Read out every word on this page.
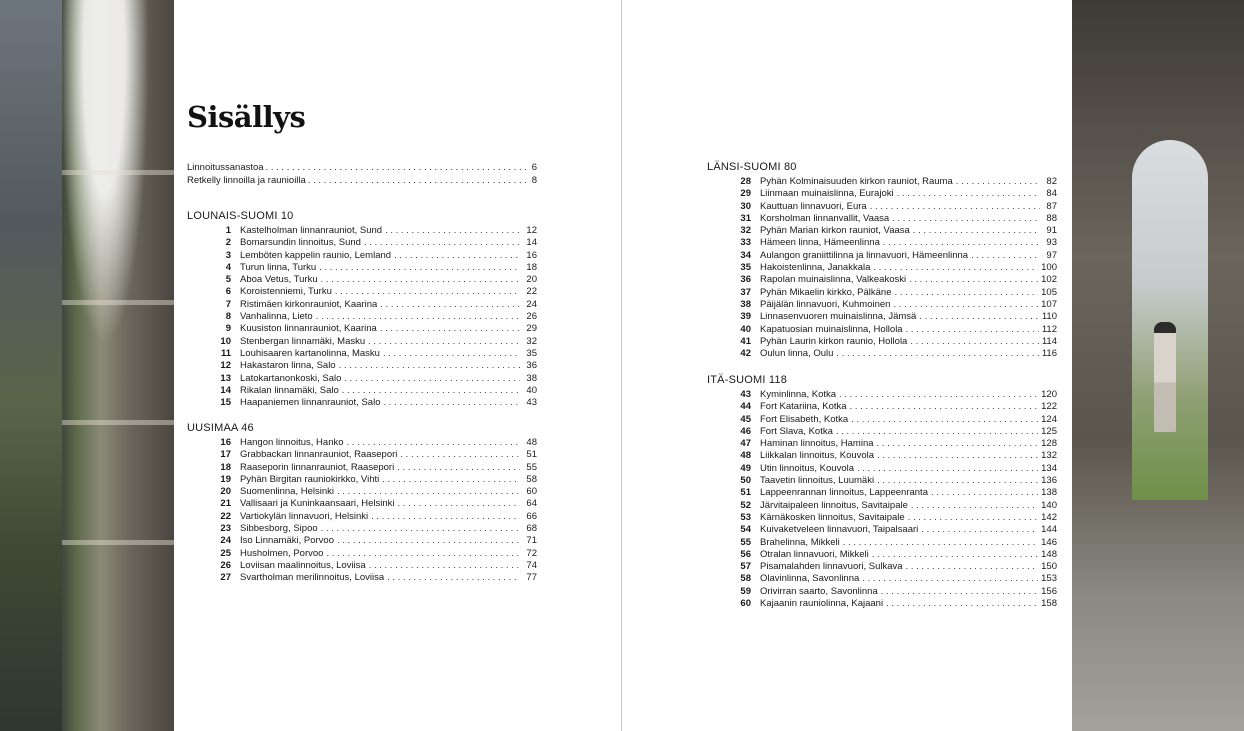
Sisällys
Linnoitussanastoa . . .	6
Retkelly linnoilla ja raunioilla . . .	8
LOUNAIS-SUOMI 10
1 Kastelholman linnanrauniot, Sund . . .	12
2 Bomarsundin linnoitus, Sund . . .	14
3 Lemböten kappelin raunio, Lemland . . .	16
4 Turun linna, Turku . . .	18
5 Aboa Vetus, Turku . . .	20
6 Koroistenniemi, Turku . . .	22
7 Ristimäen kirkonrauniot, Kaarina . . .	24
8 Vanhalinna, Lieto . . .	26
9 Kuusiston linnanrauniot, Kaarina . . .	29
10 Stenbergan linnamäki, Masku . . .	32
11 Louhisaaren kartanolinna, Masku . . .	35
12 Hakastaron linna, Salo . . .	36
13 Latokartanonkoski, Salo . . .	38
14 Rikalan linnamäki, Salo . . .	40
15 Haapaniemen linnanrauniot, Salo . . .	43
UUSIMAA 46
16 Hangon linnoitus, Hanko . . .	48
17 Grabbackan linnanrauniot, Raasepori . . .	51
18 Raaseporin linnanrauniot, Raasepori . . .	55
19 Pyhän Birgitan rauniokirkko, Vihti . . .	58
20 Suomenlinna, Helsinki . . .	60
21 Vallisaari ja Kuninkaansaari, Helsinki . . .	64
22 Vartiokylän linnavuori, Helsinki . . .	66
23 Sibbesborg, Sipoo . . .	68
24 Iso Linnamäki, Porvoo . . .	71
25 Husholmen, Porvoo . . .	72
26 Loviisan maalinnoitus, Loviisa . . .	74
27 Svartholman merilinnoitus, Loviisa . . .	77
LÄNSI-SUOMI 80
28 Pyhän Kolminaisuuden kirkon rauniot, Rauma . . .	82
29 Liinmaan muinaislinna, Eurajoki . . .	84
30 Kauttuan linnavuori, Eura . . .	87
31 Korsholman linnanvallit, Vaasa . . .	88
32 Pyhän Marian kirkon rauniot, Vaasa . . .	91
33 Hämeen linna, Hämeenlinna . . .	93
34 Aulangon graniittilinna ja linnavuori, Hämeenlinna . . .	97
35 Hakoistenlinna, Janakkala . . .	100
36 Rapolan muinaislinna, Valkeakoski . . .	102
37 Pyhän Mikaelin kirkko, Pälkäne . . .	105
38 Päijälän linnavuori, Kuhmoinen . . .	107
39 Linnasenvuoren muinaislinna, Jämsä . . .	110
40 Kapatuosian muinaislinna, Hollola . . .	112
41 Pyhän Laurin kirkon raunio, Hollola . . .	114
42 Oulun linna, Oulu . . .	116
ITÄ-SUOMI 118
43 Kyminlinna, Kotka . . .	120
44 Fort Katariina, Kotka . . .	122
45 Fort Elisabeth, Kotka . . .	124
46 Fort Slava, Kotka . . .	125
47 Haminan linnoitus, Hamina . . .	128
48 Liikkalan linnoitus, Kouvola . . .	132
49 Utin linnoitus, Kouvola . . .	134
50 Taavetin linnoitus, Luumäki . . .	136
51 Lappeenrannan linnoitus, Lappeenranta . . .	138
52 Järvitaipaleen linnoitus, Savitaipale . . .	140
53 Kärnäkosken linnoitus, Savitaipale . . .	142
54 Kuivaketveleen linnavuori, Taipalsaari . . .	144
55 Brahelinna, Mikkeli . . .	146
56 Otralan linnavuori, Mikkeli . . .	148
57 Pisamalahden linnavuori, Sulkava . . .	150
58 Olavinlinna, Savonlinna . . .	153
59 Orivirran saarto, Savonlinna . . .	156
60 Kajaanin rauniolinna, Kajaani . . .	158
